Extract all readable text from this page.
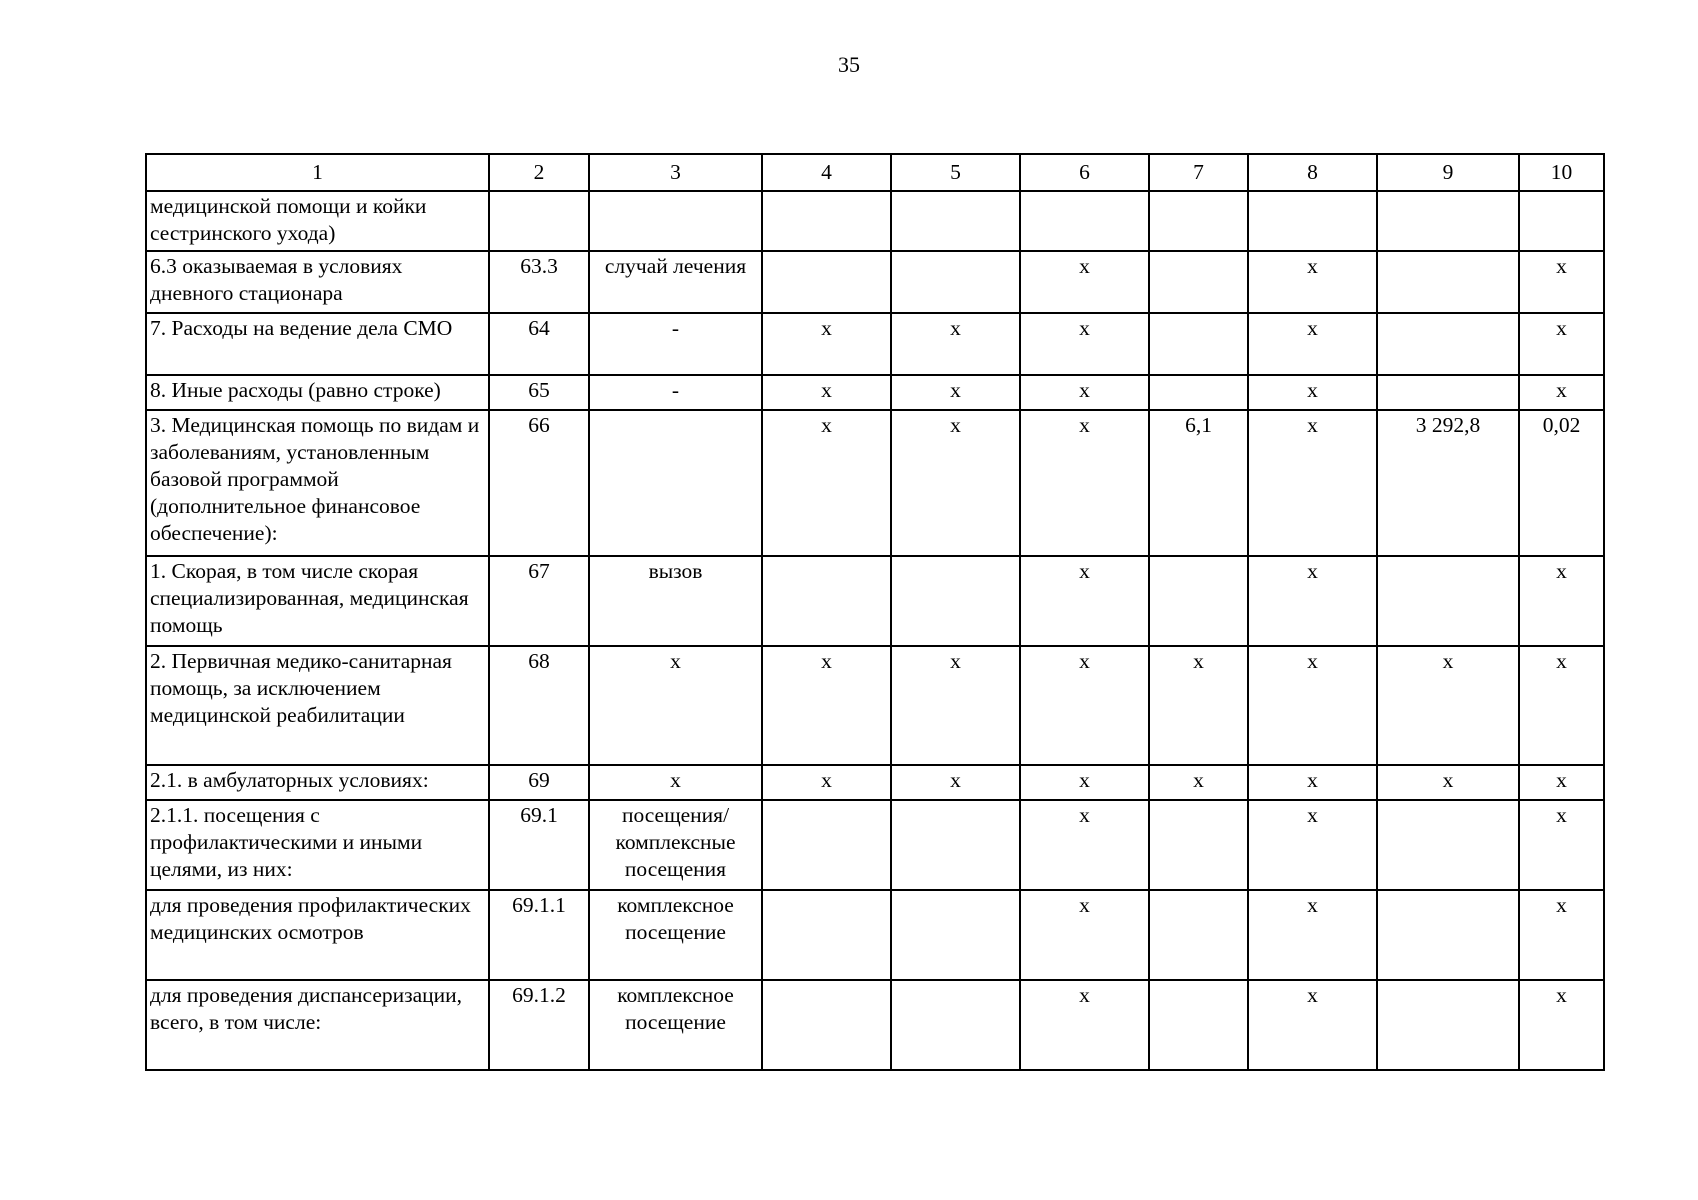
35
1	2	3	4	5	6	7	8	9	10
медицинской помощи и койки сестринского ухода)									
6.3 оказываемая в условиях дневного стационара	63.3	случай лечения			х		х		х
7. Расходы на ведение дела СМО	64	-	х	х	х		х		х
8. Иные расходы (равно строке)	65	-	х	х	х		х		х
3. Медицинская помощь по видам и заболеваниям, установленным базовой программой (дополнительное финансовое обеспечение):	66		х	х	х	6,1	х	3 292,8	0,02
1. Скорая, в том числе скорая специализированная, медицинская помощь	67	вызов			х		х		х
2. Первичная медико-санитарная помощь, за исключением медицинской реабилитации	68	х	х	х	х	х	х	х	х
2.1. в амбулаторных условиях:	69	х	х	х	х	х	х	х	х
2.1.1. посещения с профилактическими и иными целями, из них:	69.1	посещения/ комплексные посещения			х		х		х
для проведения профилактических медицинских осмотров	69.1.1	комплексное посещение			х		х		х
для проведения диспансеризации, всего, в том числе:	69.1.2	комплексное посещение			х		х		х
